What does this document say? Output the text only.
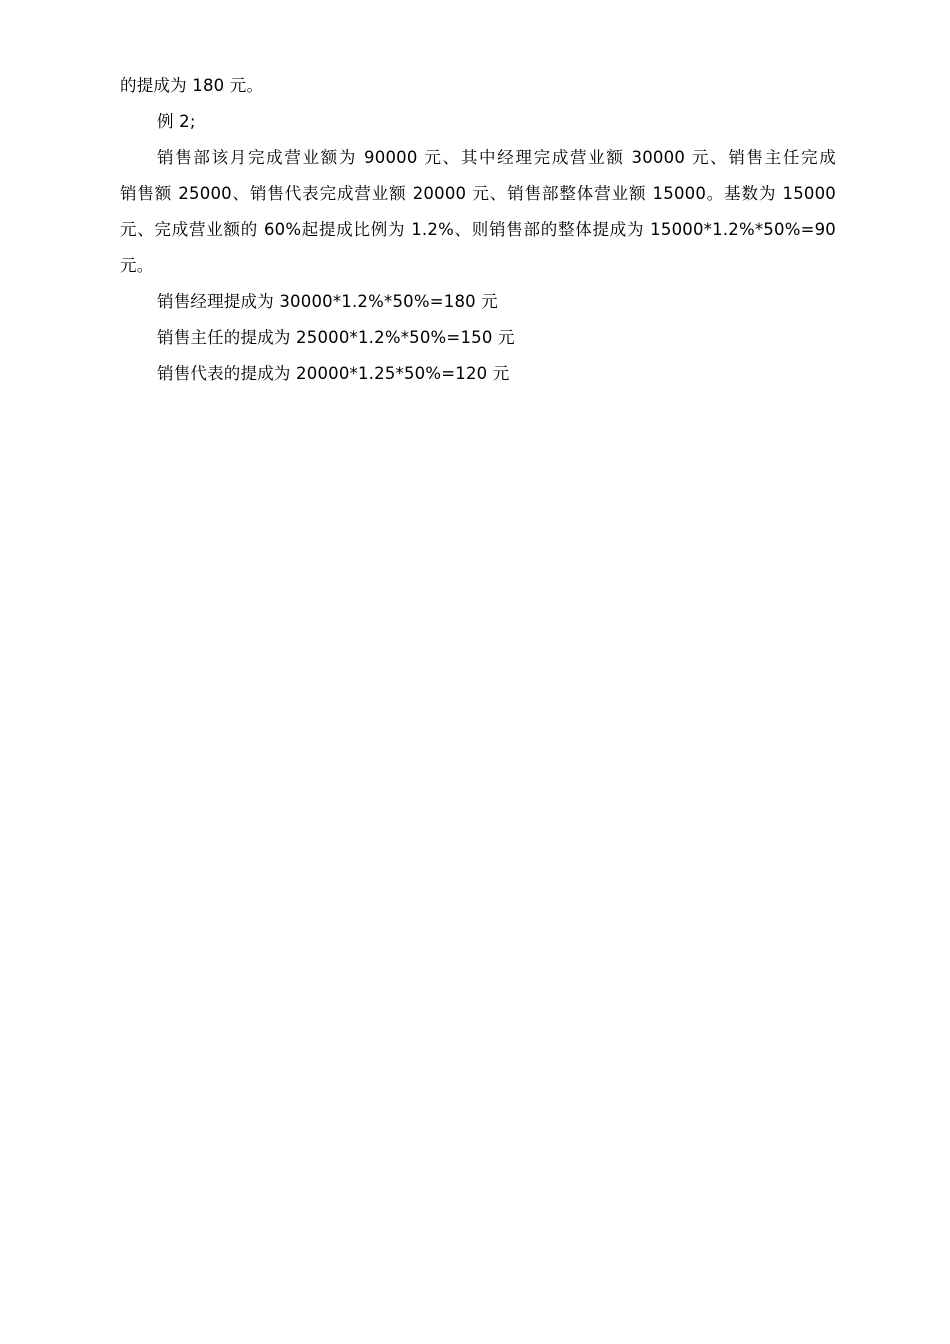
的提成为 180 元。
例 2;
销售部该月完成营业额为 90000 元、其中经理完成营业额 30000 元、销售主任完成
销售额 25000、销售代表完成营业额 20000 元、销售部整体营业额 15000。基数为 15000
元、完成营业额的 60%起提成比例为 1.2%、则销售部的整体提成为 15000*1.2%*50%=90
元。
销售经理提成为 30000*1.2%*50%=180 元
销售主任的提成为 25000*1.2%*50%=150 元
销售代表的提成为 20000*1.25*50%=120 元
